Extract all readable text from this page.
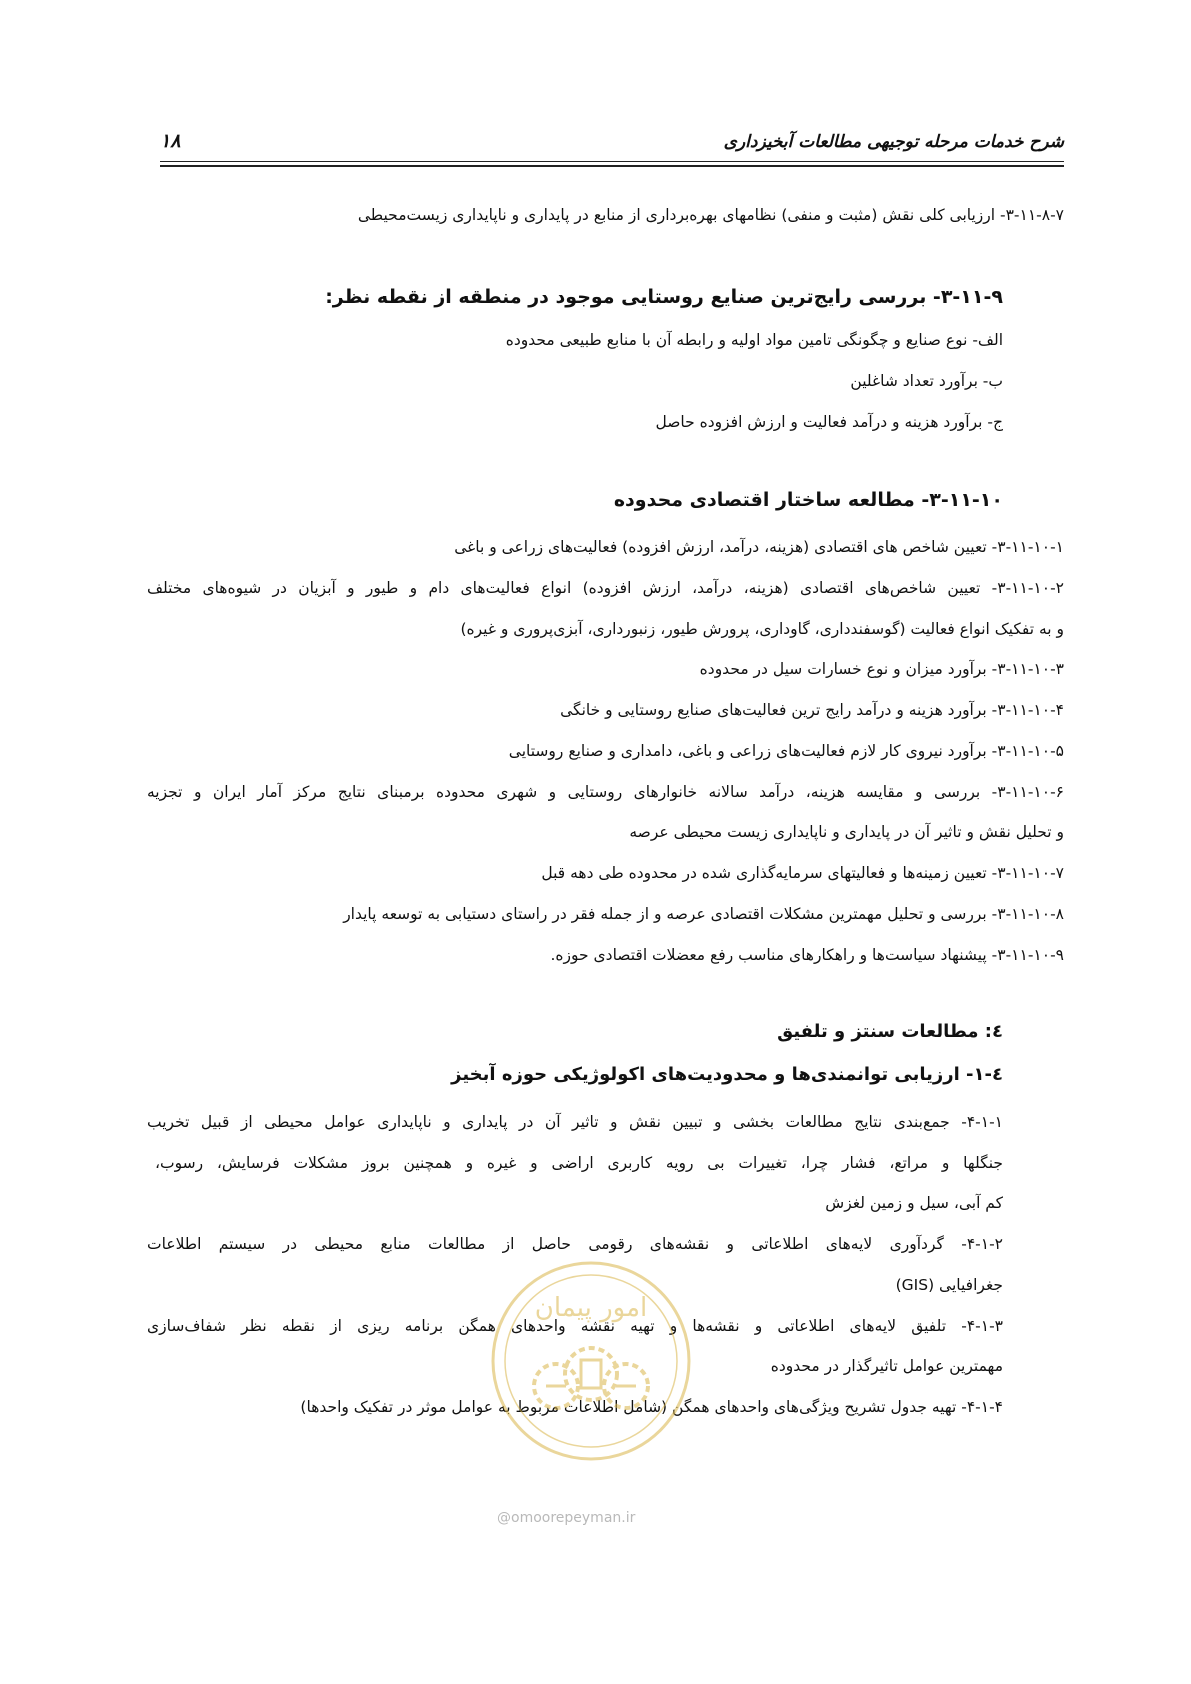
شرح خدمات مرحله توجیهی مطالعات آبخیزداری
۱۸
۳-۱۱-۸-۷- ارزیابی کلی نقش (مثبت و منفی) نظامهای بهره‌برداری از منابع در پایداری و ناپایداری زیست‌محیطی
۳-۱۱-۹- بررسی رایج‌ترین صنایع روستایی موجود در منطقه از نقطه نظر:
الف- نوع صنایع و چگونگی تامین مواد اولیه و رابطه آن با منابع طبیعی محدوده
ب- برآورد تعداد شاغلین
ج- برآورد هزینه و درآمد فعالیت و ارزش افزوده حاصل
۳-۱۱-۱۰- مطالعه ساختار اقتصادی محدوده
۳-۱۱-۱۰-۱- تعیین شاخص های اقتصادی (هزینه، درآمد، ارزش افزوده) فعالیت‌های زراعی و باغی
۳-۱۱-۱۰-۲- تعیین شاخص‌های اقتصادی (هزینه، درآمد، ارزش افزوده) انواع فعالیت‌های دام و طیور و آبزیان در شیوه‌های مختلف
و به تفکیک انواع فعالیت (گوسفندداری، گاوداری، پرورش طیور، زنبورداری، آبزی‌پروری و غیره)
۳-۱۱-۱۰-۳- برآورد میزان و نوع خسارات سیل در محدوده
۳-۱۱-۱۰-۴- برآورد هزینه و درآمد رایج ترین فعالیت‌های صنایع روستایی و خانگی
۳-۱۱-۱۰-۵- برآورد نیروی کار لازم فعالیت‌های زراعی و باغی، دامداری و صنایع روستایی
۳-۱۱-۱۰-۶- بررسی و مقایسه هزینه، درآمد سالانه خانوارهای روستایی و شهری محدوده برمبنای نتایج مرکز آمار ایران و تجزیه
و تحلیل نقش و تاثیر آن در پایداری و ناپایداری زیست محیطی عرصه
۳-۱۱-۱۰-۷- تعیین زمینه‌ها و فعالیتهای سرمایه‌گذاری شده در محدوده طی دهه قبل
۳-۱۱-۱۰-۸- بررسی و تحلیل مهمترین مشکلات اقتصادی عرصه و از جمله فقر در راستای دستیابی به توسعه پایدار
۳-۱۱-۱۰-۹- پیشنهاد سیاست‌ها و راهکارهای مناسب رفع معضلات اقتصادی حوزه.
٤: مطالعات سنتز و تلفیق
٤-۱- ارزیابی توانمندی‌ها و محدودیت‌های اکولوژیکی حوزه آبخیز
۴-۱-۱- جمع‌بندی نتایج مطالعات بخشی و تبیین نقش و تاثیر آن در پایداری و ناپایداری عوامل محیطی از قبیل تخریب
جنگلها و مراتع، فشار چرا، تغییرات بی رویه کاربری اراضی و غیره و همچنین بروز مشکلات فرسایش، رسوب،
کم آبی، سیل و زمین لغزش
۴-۱-۲- گردآوری لایه‌های اطلاعاتی و نقشه‌های رقومی حاصل از مطالعات منابع محیطی در سیستم اطلاعات
جغرافیایی (GIS)
۴-۱-۳- تلفیق لایه‌های اطلاعاتی و نقشه‌ها و تهیه نقشه واحدهای همگن برنامه ریزی از نقطه نظر شفاف‌سازی
مهمترین عوامل تاثیرگذار در محدوده
۴-۱-۴- تهیه جدول تشریح ویژگی‌های واحدهای همگن (شامل اطلاعات مربوط به عوامل موثر در تفکیک واحدها)
امور پیمان
@omoorepeyman.ir
